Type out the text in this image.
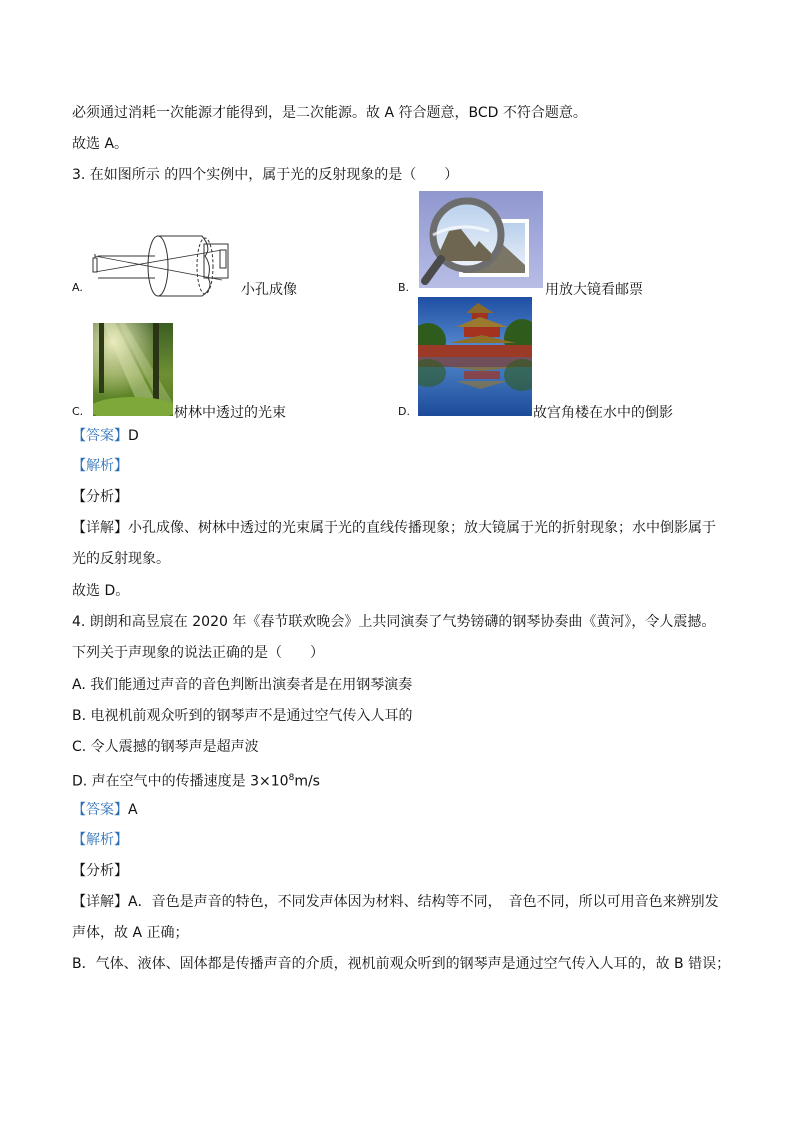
必须通过消耗一次能源才能得到，是二次能源。故 A 符合题意，BCD 不符合题意。
故选 A。
3. 在如图所示 的四个实例中，属于光的反射现象的是（　　）
A.	小孔成像	B.	用放大镜看邮票
C.	树林中透过的光束	D.	故宫角楼在水中的倒影
【答案】D
【解析】
【分析】
【详解】小孔成像、树林中透过的光束属于光的直线传播现象；放大镜属于光的折射现象；水中倒影属于
光的反射现象。
故选 D。
4. 朗朗和高昱宸在 2020 年《春节联欢晚会》上共同演奏了气势镑礴的钢琴协奏曲《黄河》，令人震撼。
下列关于声现象的说法正确的是（　　）
A. 我们能通过声音的音色判断出演奏者是在用钢琴演奏
B. 电视机前观众听到的钢琴声不是通过空气传入人耳的
C. 令人震撼的钢琴声是超声波
D. 声在空气中的传播速度是 $3\times 10^8m/s$
【答案】A
【解析】
【分析】
【详解】A．音色是声音的特色，不同发声体因为材料、结构等不同，　音色不同，所以可用音色来辨别发
声体，故 A 正确；
B．气体、液体、固体都是传播声音的介质，视机前观众听到的钢琴声是通过空气传入人耳的，故 B 错误；
